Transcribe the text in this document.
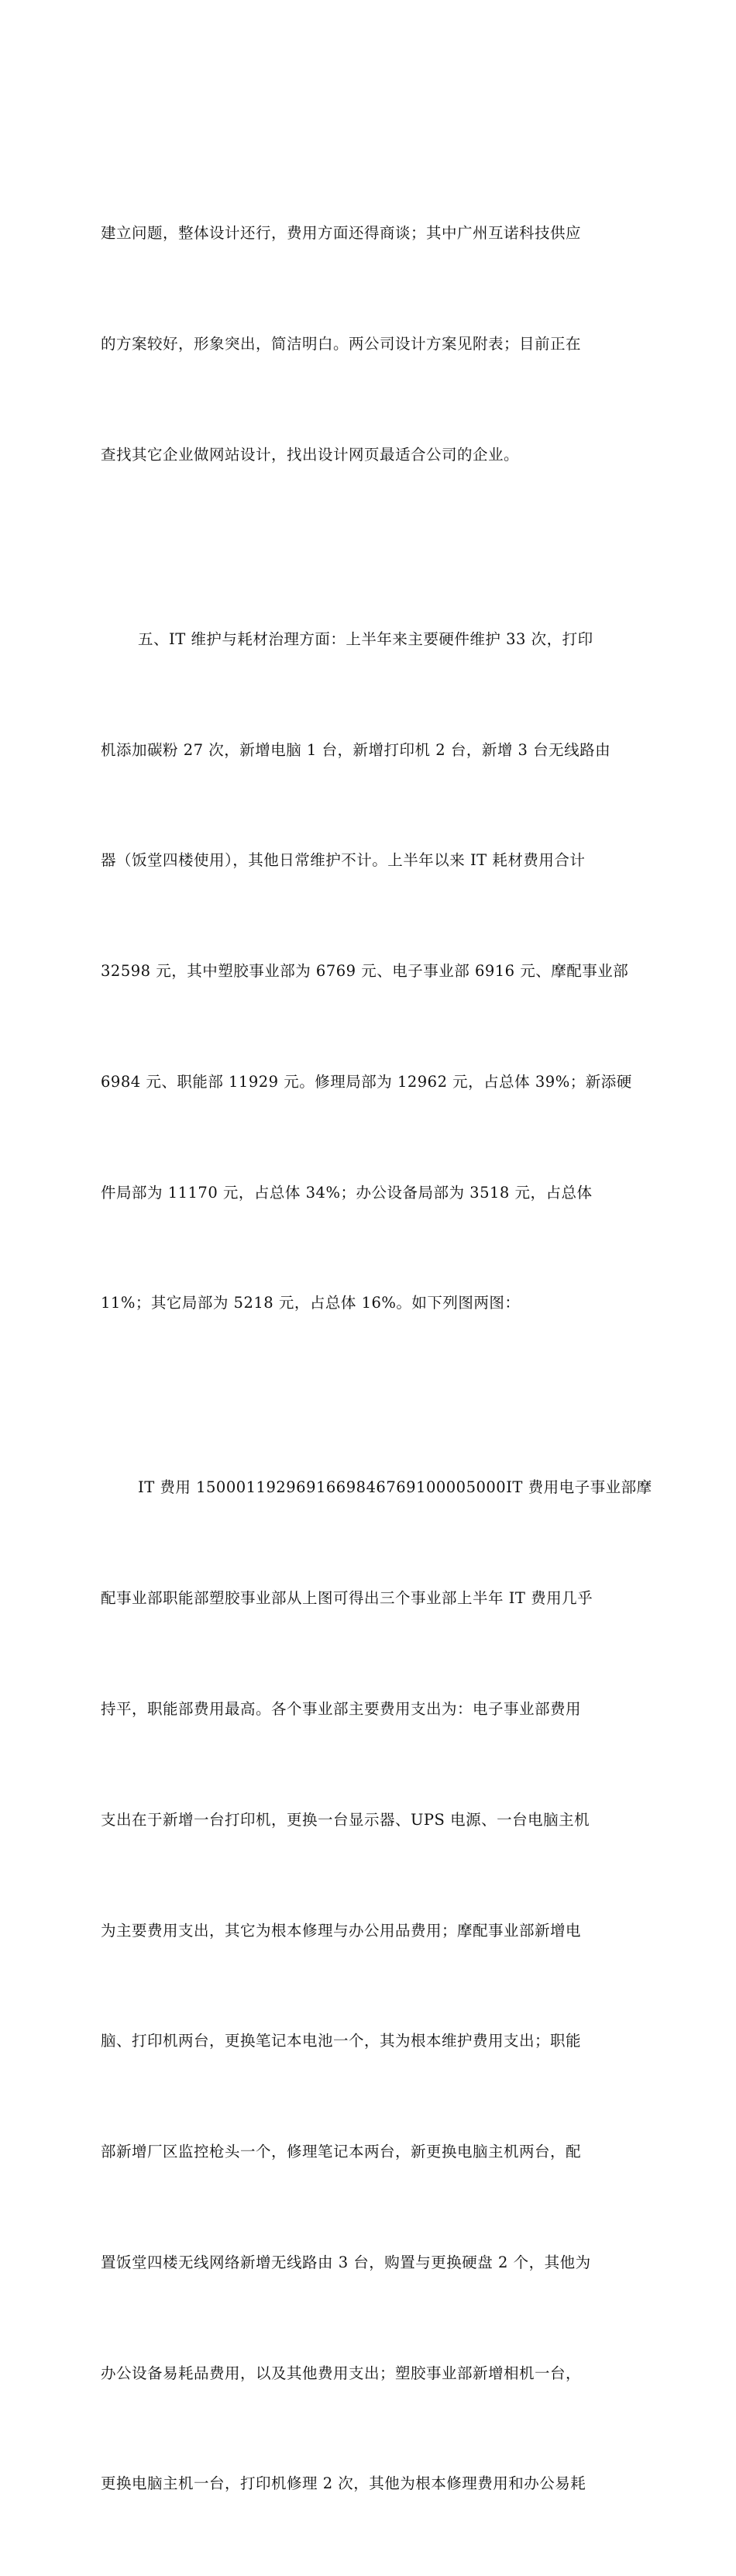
建立问题，整体设计还行，费用方面还得商谈；其中广州互诺科技供应

的方案较好，形象突出，简洁明白。两公司设计方案见附表；目前正在

查找其它企业做网站设计，找出设计网页最适合公司的企业。

五、IT 维护与耗材治理方面：上半年来主要硬件维护 33 次，打印

机添加碳粉 27 次，新增电脑 1 台，新增打印机 2 台，新增 3 台无线路由

器（饭堂四楼使用），其他日常维护不计。上半年以来 IT 耗材费用合计

32598 元，其中塑胶事业部为 6769 元、电子事业部 6916 元、摩配事业部

6984 元、职能部 11929 元。修理局部为 12962 元，占总体 39%；新添硬

件局部为 11170 元，占总体 34%；办公设备局部为 3518 元，占总体

11%；其它局部为 5218 元，占总体 16%。如下列图两图：

IT 费用 1500011929691669846769100005000IT 费用电子事业部摩

配事业部职能部塑胶事业部从上图可得出三个事业部上半年 IT 费用几乎

持平，职能部费用最高。各个事业部主要费用支出为：电子事业部费用

支出在于新增一台打印机，更换一台显示器、UPS 电源、一台电脑主机

为主要费用支出，其它为根本修理与办公用品费用；摩配事业部新增电

脑、打印机两台，更换笔记本电池一个，其为根本维护费用支出；职能

部新增厂区监控枪头一个，修理笔记本两台，新更换电脑主机两台，配

置饭堂四楼无线网络新增无线路由 3 台，购置与更换硬盘 2 个，其他为

办公设备易耗品费用，以及其他费用支出；塑胶事业部新增相机一台，

更换电脑主机一台，打印机修理 2 次，其他为根本修理费用和办公易耗
